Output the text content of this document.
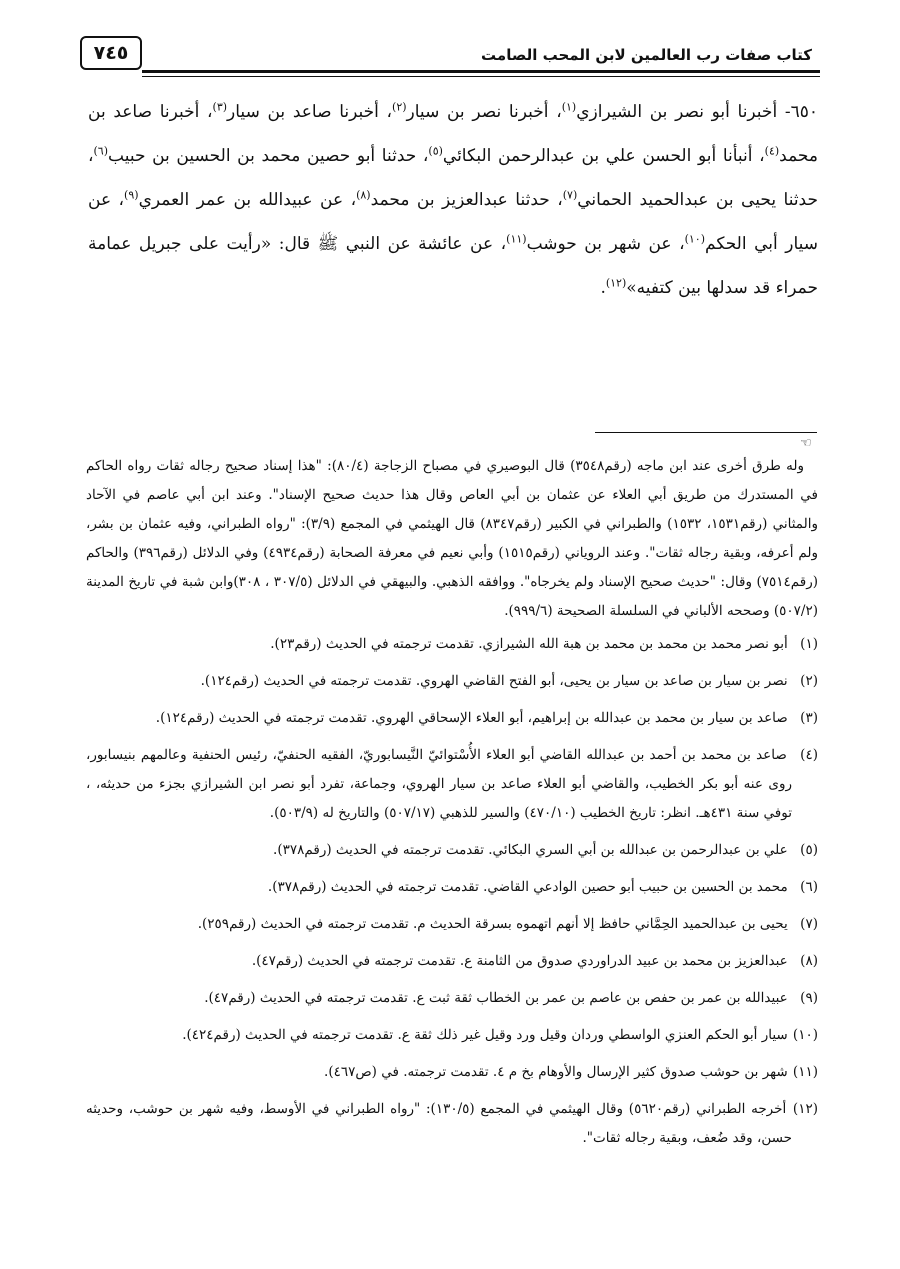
٧٤٥	كتاب صفات رب العالمين لابن المحب الصامت

٦٥٠- أخبرنا أبو نصر بن الشيرازي$^{(١)}$، أخبرنا نصر بن سيار$^{(٢)}$، أخبرنا صاعد بن سيار$^{(٣)}$، أخبرنا صاعد بن محمد$^{(٤)}$، أنبأنا أبو الحسن علي بن عبدالرحمن البكائي$^{(٥)}$، حدثنا أبو حصين محمد بن الحسين بن حبيب$^{(٦)}$، حدثنا يحيى بن عبدالحميد الحماني$^{(٧)}$، حدثنا عبدالعزيز بن محمد$^{(٨)}$، عن عبيدالله بن عمر العمري$^{(٩)}$، عن سيار أبي الحكم$^{(١٠)}$، عن شهر بن حوشب$^{(١١)}$، عن عائشة عن النبي ﷺ قال: «رأيت على جبريل عمامة حمراء قد سدلها بين كتفيه»$^{(١٢)}$.

☜

وله طرق أخرى عند ابن ماجه (رقم٣٥٤٨) قال البوصيري في مصباح الزجاجة (٨٠/٤): "هذا إسناد صحيح رجاله ثقات رواه الحاكم في المستدرك من طريق أبي العلاء عن عثمان بن أبي العاص وقال هذا حديث صحيح الإسناد". وعند ابن أبي عاصم في الآحاد والمثاني (رقم١٥٣١، ١٥٣٢) والطبراني في الكبير (رقم٨٣٤٧) قال الهيثمي في المجمع (٣/٩): "رواه الطبراني، وفيه عثمان بن بشر، ولم أعرفه، وبقية رجاله ثقات". وعند الروياني (رقم١٥١٥) وأبي نعيم في معرفة الصحابة (رقم٤٩٣٤) وفي الدلائل (رقم٣٩٦) والحاكم (رقم٧٥١٤) وقال: "حديث صحيح الإسناد ولم يخرجاه". ووافقه الذهبي. والبيهقي في الدلائل (٣٠٧/٥ ، ٣٠٨)وابن شبة في تاريخ المدينة (٥٠٧/٢) وصححه الألباني في السلسلة الصحيحة (٩٩٩/٦).

(١) أبو نصر محمد بن محمد بن محمد بن هبة الله الشيرازي. تقدمت ترجمته في الحديث (رقم٢٣).

(٢) نصر بن سيار بن صاعد بن سيار بن يحيى، أبو الفتح القاضي الهروي. تقدمت ترجمته في الحديث (رقم١٢٤).

(٣) صاعد بن سيار بن محمد بن عبدالله بن إبراهيم، أبو العلاء الإسحاقي الهروي. تقدمت ترجمته في الحديث (رقم١٢٤).

(٤) صاعد بن محمد بن أحمد بن عبدالله القاضي أبو العلاء الأُسْتوائيّ النَّيسابوريّ، الفقيه الحنفيّ، رئيس الحنفية وعالمهم بنيسابور، روى عنه أبو بكر الخطيب، والقاضي أبو العلاء صاعد بن سيار الهروي، وجماعة، تفرد أبو نصر ابن الشيرازي بجزء من حديثه، ، توفي سنة ٤٣١هـ. انظر: تاريخ الخطيب (٤٧٠/١٠) والسير للذهبي (٥٠٧/١٧) والتاريخ له (٥٠٣/٩).

(٥) علي بن عبدالرحمن بن عبدالله بن أبي السري البكائي. تقدمت ترجمته في الحديث (رقم٣٧٨).

(٦) محمد بن الحسين بن حبيب أبو حصين الوادعي القاضي. تقدمت ترجمته في الحديث (رقم٣٧٨).

(٧) يحيى بن عبدالحميد الحِمَّاني حافظ إلا أنهم اتهموه بسرقة الحديث م. تقدمت ترجمته في الحديث (رقم٢٥٩).

(٨) عبدالعزيز بن محمد بن عبيد الدراوردي صدوق من الثامنة ع. تقدمت ترجمته في الحديث (رقم٤٧).

(٩) عبيدالله بن عمر بن حفص بن عاصم بن عمر بن الخطاب ثقة ثبت ع. تقدمت ترجمته في الحديث (رقم٤٧).

(١٠) سيار أبو الحكم العنزي الواسطي وردان وقيل ورد وقيل غير ذلك ثقة ع. تقدمت ترجمته في الحديث (رقم٤٢٤).

(١١) شهر بن حوشب صدوق كثير الإرسال والأوهام بخ م ٤. تقدمت ترجمته. في (ص٤٦٧).

(١٢) أخرجه الطبراني (رقم٥٦٢٠) وقال الهيثمي في المجمع (١٣٠/٥): "رواه الطبراني في الأوسط، وفيه شهر بن حوشب، وحديثه حسن، وقد ضُعف، وبقية رجاله ثقات".
